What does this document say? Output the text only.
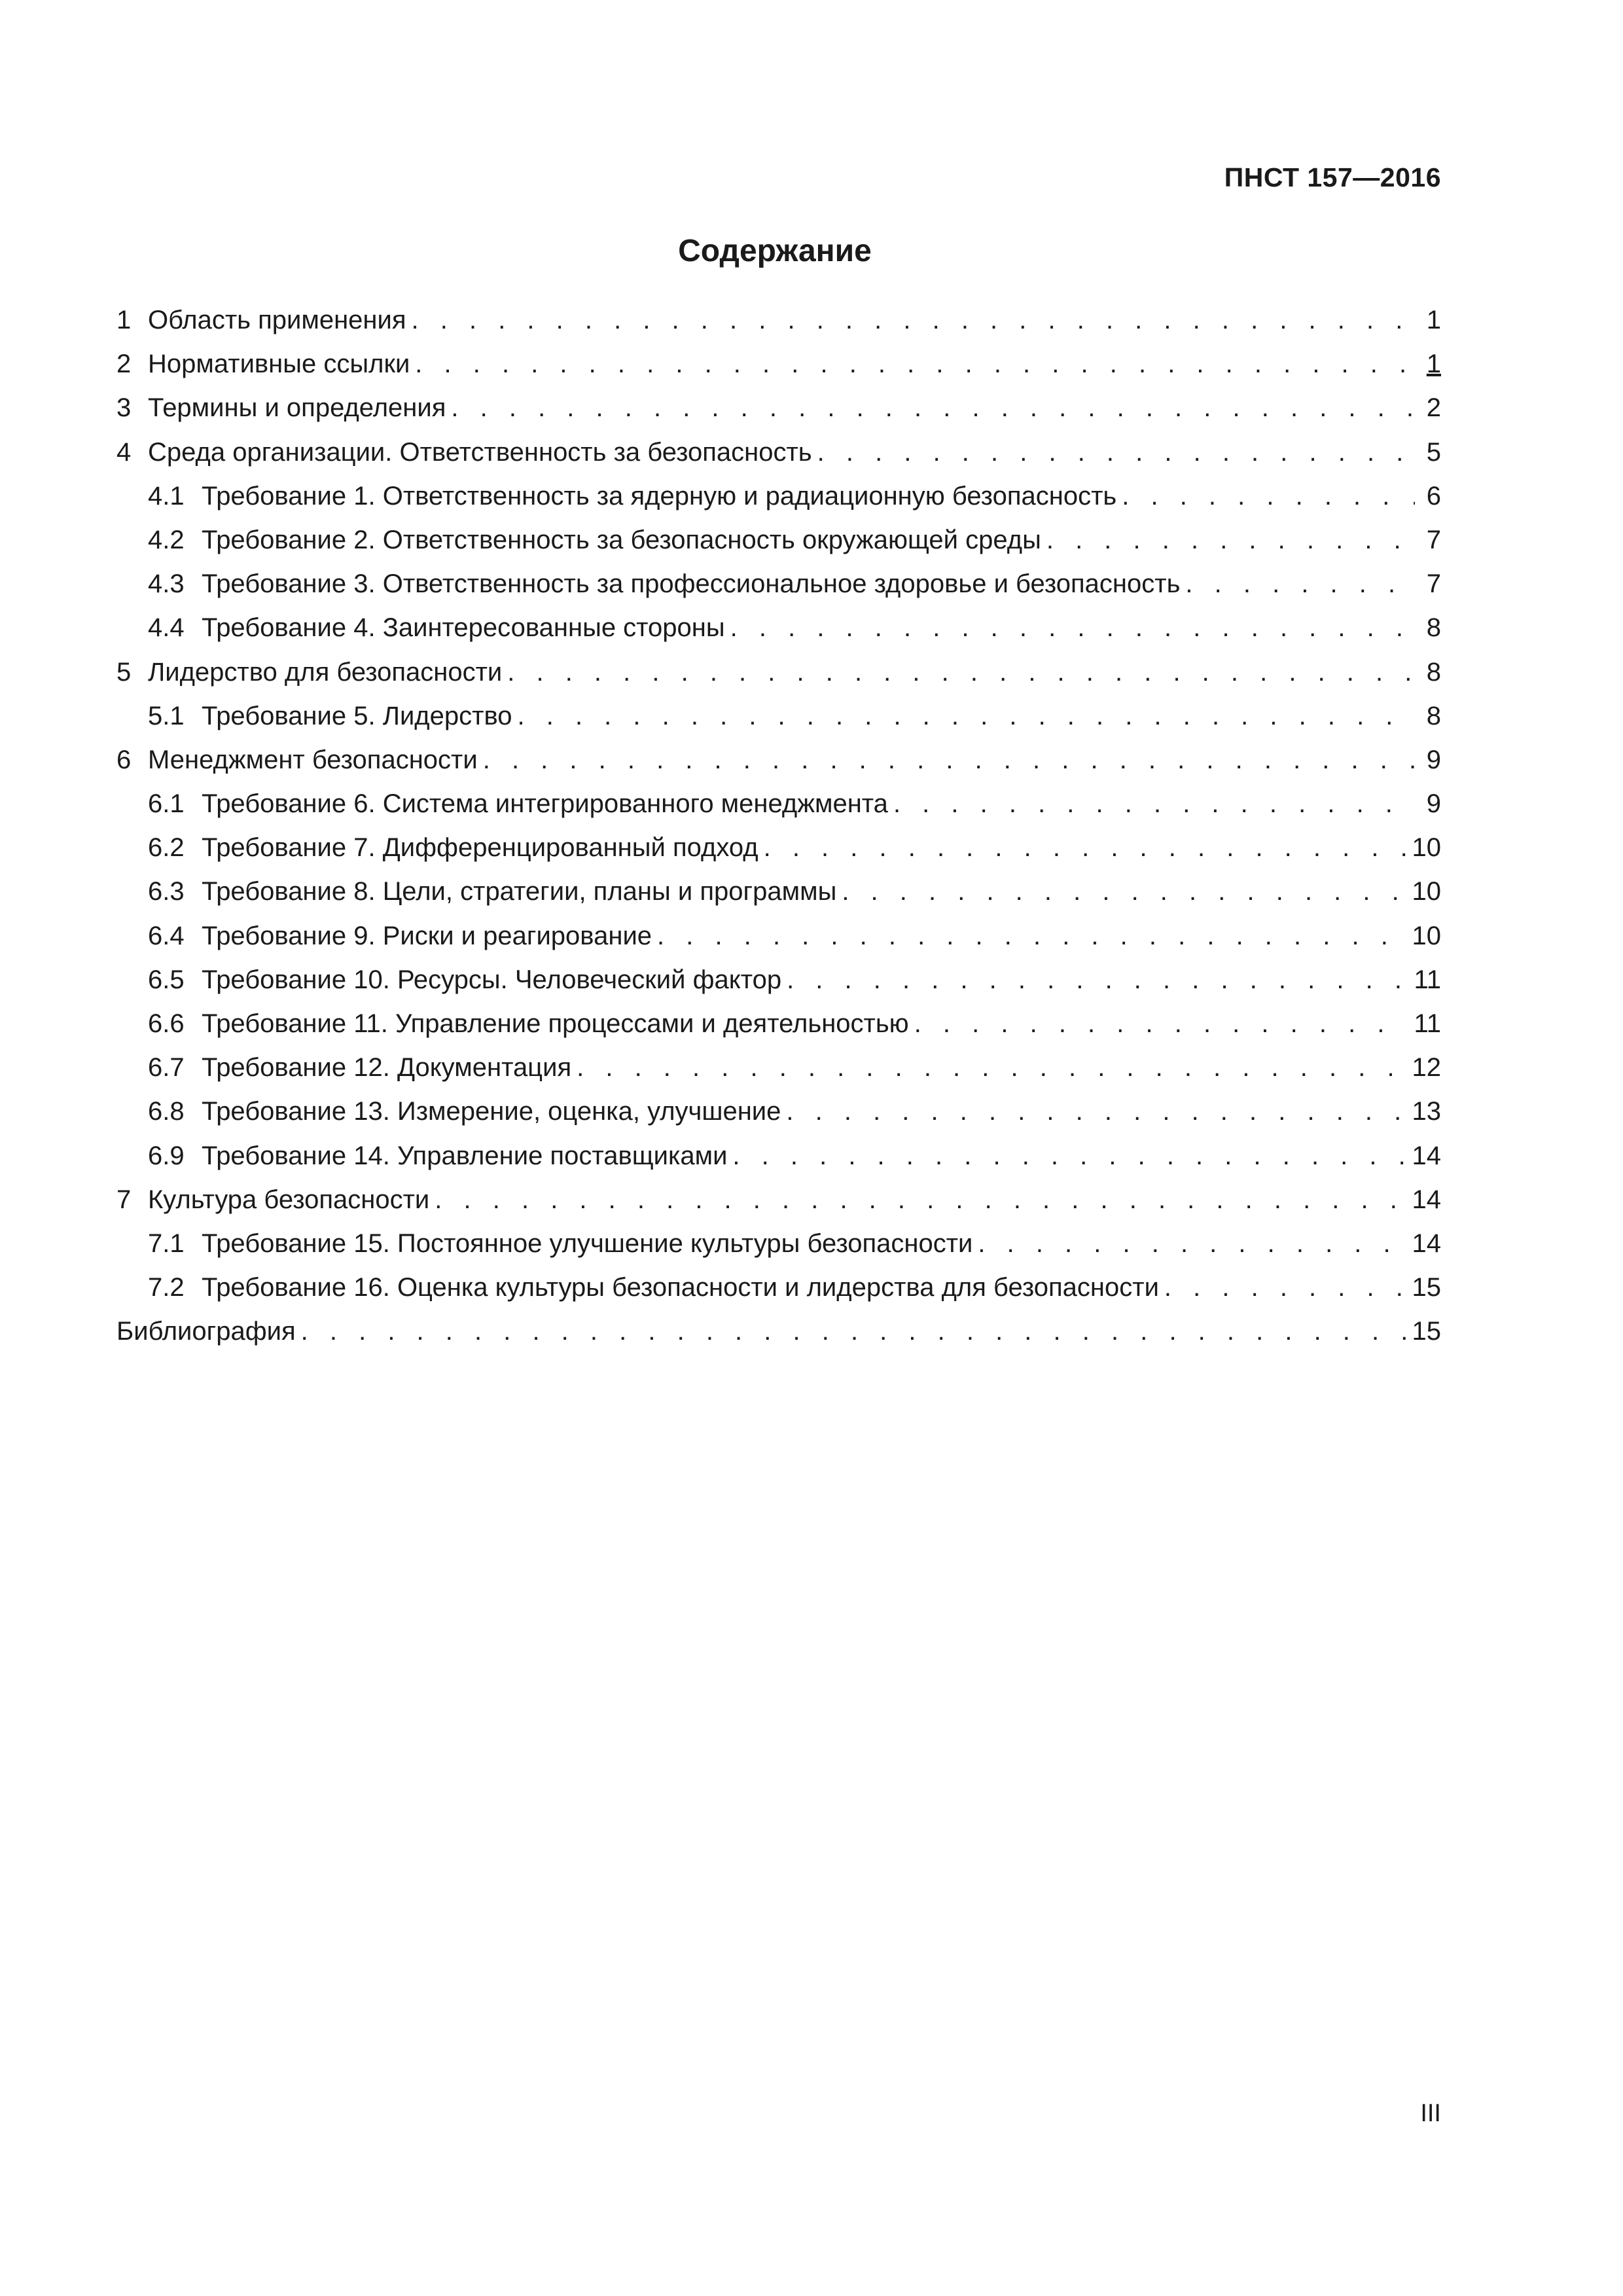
ПНСТ 157—2016
Содержание
1 Область применения . . .	1
2 Нормативные ссылки . . .	1
3 Термины и определения . . .	2
4 Среда организации. Ответственность за безопасность . . .	5
4.1 Требование 1. Ответственность за ядерную и радиационную безопасность . . .	6
4.2 Требование 2. Ответственность за безопасность окружающей среды . . .	7
4.3 Требование 3. Ответственность за профессиональное здоровье и безопасность . . .	7
4.4 Требование 4. Заинтересованные стороны . . .	8
5 Лидерство для безопасности . . .	8
5.1 Требование 5. Лидерство . . .	8
6 Менеджмент безопасности . . .	9
6.1 Требование 6. Система интегрированного менеджмента . . .	9
6.2 Требование 7. Дифференцированный подход . . .	10
6.3 Требование 8. Цели, стратегии, планы и программы . . .	10
6.4 Требование 9. Риски и реагирование . . .	10
6.5 Требование 10. Ресурсы. Человеческий фактор . . .	11
6.6 Требование 11. Управление процессами и деятельностью . . .	11
6.7 Требование 12. Документация . . .	12
6.8 Требование 13. Измерение, оценка, улучшение . . .	13
6.9 Требование 14. Управление поставщиками . . .	14
7 Культура безопасности . . .	14
7.1 Требование 15. Постоянное улучшение культуры безопасности . . .	14
7.2 Требование 16. Оценка культуры безопасности и лидерства для безопасности . . .	15
Библиография . . .	15
III
